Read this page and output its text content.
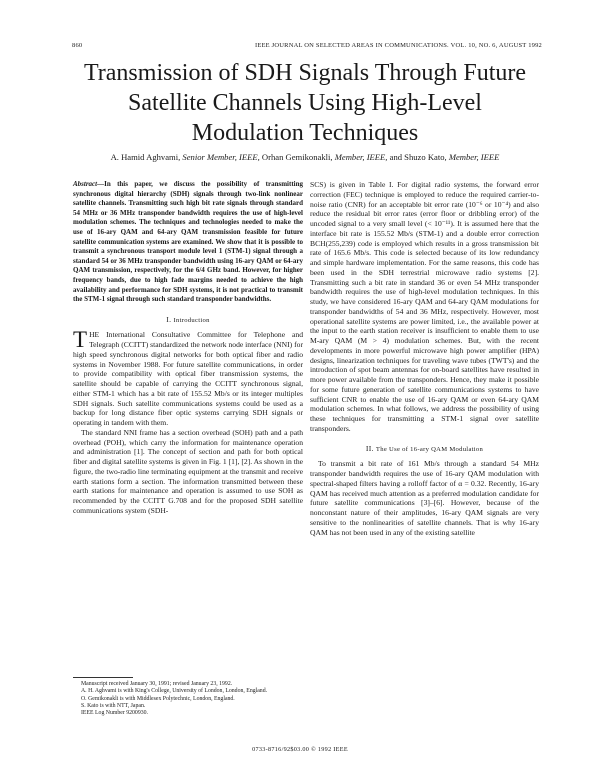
860	IEEE JOURNAL ON SELECTED AREAS IN COMMUNICATIONS. VOL. 10, NO. 6, AUGUST 1992
Transmission of SDH Signals Through Future
Satellite Channels Using High-Level
Modulation Techniques
A. Hamid Aghvami, Senior Member, IEEE, Orhan Gemikonakli, Member, IEEE, and Shuzo Kato, Member, IEEE
Abstract—In this paper, we discuss the possibility of transmitting synchronous digital hierarchy (SDH) signals through two-link nonlinear satellite channels. Transmitting such high bit rate signals through standard 54 MHz or 36 MHz transponder bandwidth requires the use of high-level modulation schemes. The techniques and technologies needed to make the use of 16-ary QAM and 64-ary QAM transmission feasible for future satellite communication systems are examined. We show that it is possible to transmit a synchronous transport module level 1 (STM-1) signal through a standard 54 or 36 MHz transponder bandwidth using 16-ary QAM or 64-ary QAM transmission, respectively, for the 6/4 GHz band. However, for higher frequency bands, due to high fade margins needed to achieve the high availability and performance for SDH systems, it is not practical to transmit the STM-1 signal through such standard transponder bandwidths.
I. Introduction

THE International Consultative Committee for Telephone and Telegraph (CCITT) standardized the network node interface (NNI) for high speed synchronous digital networks for both optical fiber and radio systems in November 1988. For future satellite communications, in order to provide compatibility with optical fiber transmission systems, the satellite should be capable of carrying the CCITT synchronous signal, either STM-1 which has a bit rate of 155.52 Mb/s or its integer multiples SDH signals. Such satellite communications systems could be used as a backup for long distance fiber optic systems carrying SDH signals or operating in tandem with them.

The standard NNI frame has a section overhead (SOH) path and a path overhead (POH), which carry the information for maintenance operation and administration [1]. The concept of section and path for both optical fiber and digital satellite systems is given in Fig. 1 [1], [2]. As shown in the figure, the two-radio line terminating equipment at the transmit and receive earth stations form a section. The information transmitted between these earth stations for maintenance and operation is assumed to use SOH as recommended by the CCITT G.708 and for the proposed SDH satellite communications system (SDH-

Manuscript received January 30, 1991; revised January 23, 1992.

A. H. Aghvami is with King's College, University of London, London, England.

O. Gemikonakli is with Middlesex Polytechnic, London, England.

S. Kato is with NTT, Japan.

IEEE Log Number 9200930.

SCS) is given in Table I. For digital radio systems, the forward error correction (FEC) technique is employed to reduce the required carrier-to-noise ratio (CNR) for an acceptable bit error rate (10⁻⁶ or 10⁻⁴) and also reduce the residual bit error rates (error floor or dribbling error) of the uncoded signal to a very small level (< 10⁻¹¹). It is assumed here that the interface bit rate is 155.52 Mb/s (STM-1) and a double error correction BCH(255,239) code is employed which results in a gross transmission bit rate of 165.6 Mb/s. This code is selected because of its low redundancy and simple hardware implementation. For the same reasons, this code has been used in the SDH terrestrial microwave radio systems [2]. Transmitting such a bit rate in standard 36 or even 54 MHz transponder bandwidth requires the use of high-level modulation techniques. In this study, we have considered 16-ary QAM and 64-ary QAM modulations for transponder bandwidths of 54 and 36 MHz, respectively. However, most operational satellite systems are power limited, i.e., the available power at the input to the earth station receiver is insufficient to enable them to use M-ary QAM (M > 4) modulation schemes. But, with the recent developments in more powerful microwave high power amplifier (HPA) designs, linearization techniques for traveling wave tubes (TWT's) and the introduction of spot beam antennas for on-board satellites have resulted in more power available from the transponders. Hence, they make it possible for some future generation of satellite communications systems to have sufficient CNR to enable the use of 16-ary QAM or even 64-ary QAM modulation schemes. In what follows, we address the possibility of using these techniques for transmitting a STM-1 signal over satellite transponders.

II. The Use of 16-ary QAM Modulation

To transmit a bit rate of 161 Mb/s through a standard 54 MHz transponder bandwidth requires the use of 16-ary QAM modulation with spectral-shaped filters having a rolloff factor of α = 0.32. Recently, 16-ary QAM has received much attention as a preferred modulation candidate for future satellite communications [3]–[6]. However, because of the nonconstant nature of their amplitudes, 16-ary QAM signals are very sensitive to the nonlinearities of satellite channels. That is why 16-ary QAM has not been used in any of the existing satellite

0733-8716/92$03.00 © 1992 IEEE
